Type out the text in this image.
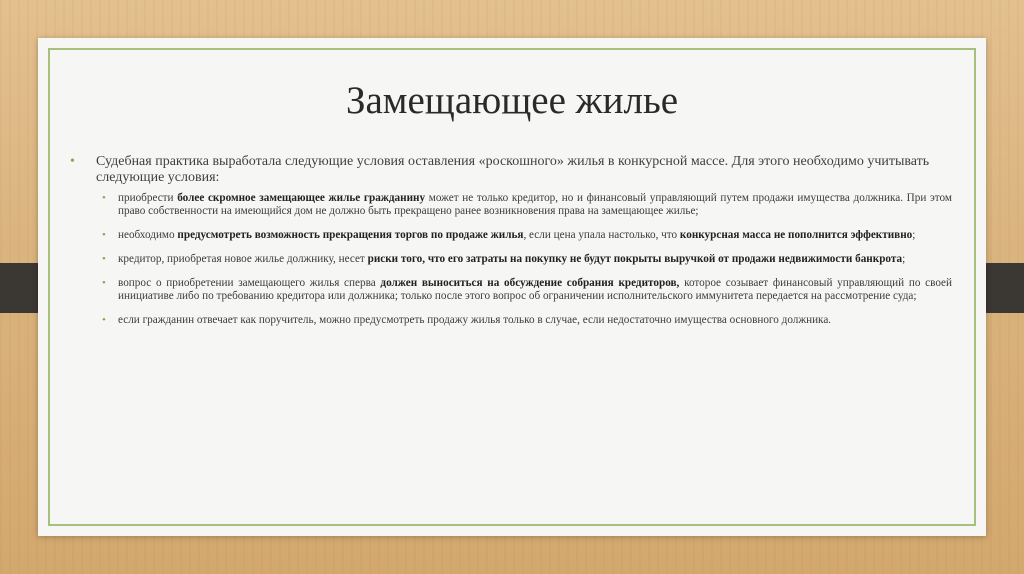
Замещающее жилье
• Судебная практика выработала следующие условия оставления «роскошного» жилья в конкурсной массе. Для этого необходимо учитывать следующие условия:
• приобрести более скромное замещающее жилье гражданину может не только кредитор, но и финансовый управляющий путем продажи имущества должника. При этом право собственности на имеющийся дом не должно быть прекращено ранее возникновения права на замещающее жилье;
• необходимо предусмотреть возможность прекращения торгов по продаже жилья, если цена упала настолько, что конкурсная масса не пополнится эффективно;
• кредитор, приобретая новое жилье должнику, несет риски того, что его затраты на покупку не будут покрыты выручкой от продажи недвижимости банкрота;
• вопрос о приобретении замещающего жилья сперва должен выноситься на обсуждение собрания кредиторов, которое созывает финансовый управляющий по своей инициативе либо по требованию кредитора или должника; только после этого вопрос об ограничении исполнительского иммунитета передается на рассмотрение суда;
• если гражданин отвечает как поручитель, можно предусмотреть продажу жилья только в случае, если недостаточно имущества основного должника.
